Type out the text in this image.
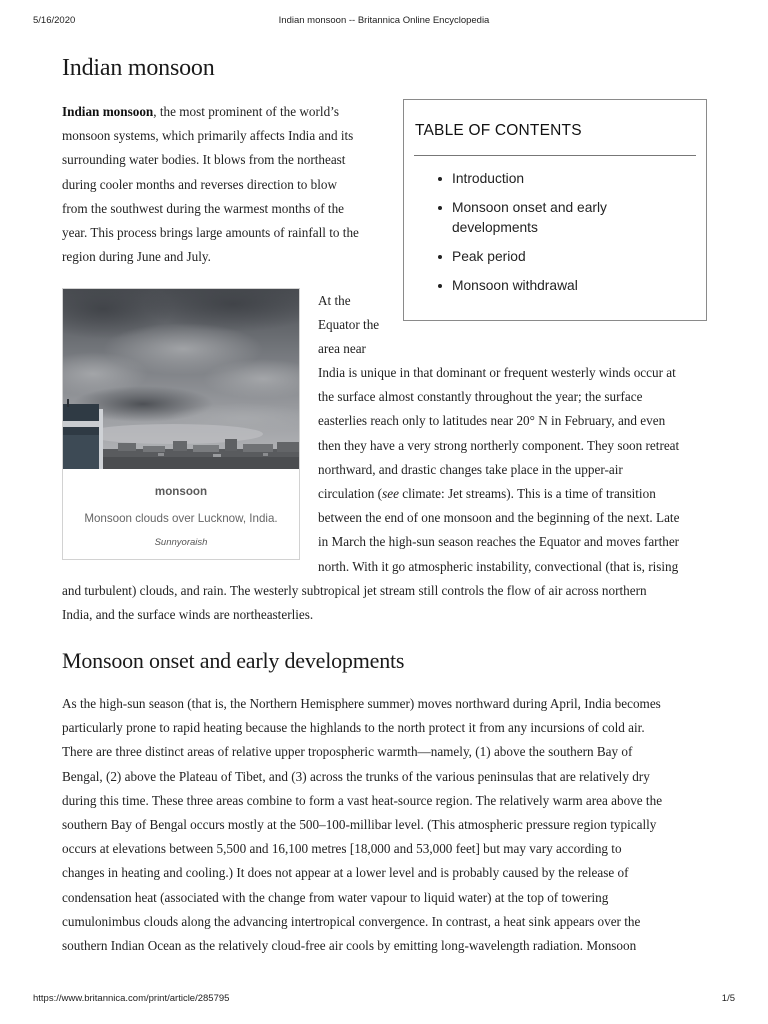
5/16/2020	Indian monsoon -- Britannica Online Encyclopedia
Indian monsoon
Indian monsoon, the most prominent of the world’s
monsoon systems, which primarily affects India and its
surrounding water bodies. It blows from the northeast
during cooler months and reverses direction to blow
from the southwest during the warmest months of the
year. This process brings large amounts of rainfall to the
region during June and July.
TABLE OF CONTENTS
Introduction
Monsoon onset and early developments
Peak period
Monsoon withdrawal
monsoon
Monsoon clouds over Lucknow, India.
Sunnyoraish
At the
Equator the
area near
India is unique in that dominant or frequent westerly winds occur at
the surface almost constantly throughout the year; the surface
easterlies reach only to latitudes near 20° N in February, and even
then they have a very strong northerly component. They soon retreat
northward, and drastic changes take place in the upper-air
circulation (see climate: Jet streams). This is a time of transition
between the end of one monsoon and the beginning of the next. Late
in March the high-sun season reaches the Equator and moves farther
north. With it go atmospheric instability, convectional (that is, rising
and turbulent) clouds, and rain. The westerly subtropical jet stream still controls the flow of air across northern
India, and the surface winds are northeasterlies.
Monsoon onset and early developments
As the high-sun season (that is, the Northern Hemisphere summer) moves northward during April, India becomes
particularly prone to rapid heating because the highlands to the north protect it from any incursions of cold air.
There are three distinct areas of relative upper tropospheric warmth—namely, (1) above the southern Bay of
Bengal, (2) above the Plateau of Tibet, and (3) across the trunks of the various peninsulas that are relatively dry
during this time. These three areas combine to form a vast heat-source region. The relatively warm area above the
southern Bay of Bengal occurs mostly at the 500–100-millibar level. (This atmospheric pressure region typically
occurs at elevations between 5,500 and 16,100 metres [18,000 and 53,000 feet] but may vary according to
changes in heating and cooling.) It does not appear at a lower level and is probably caused by the release of
condensation heat (associated with the change from water vapour to liquid water) at the top of towering
cumulonimbus clouds along the advancing intertropical convergence. In contrast, a heat sink appears over the
southern Indian Ocean as the relatively cloud-free air cools by emitting long-wavelength radiation. Monsoon
https://www.britannica.com/print/article/285795	1/5
